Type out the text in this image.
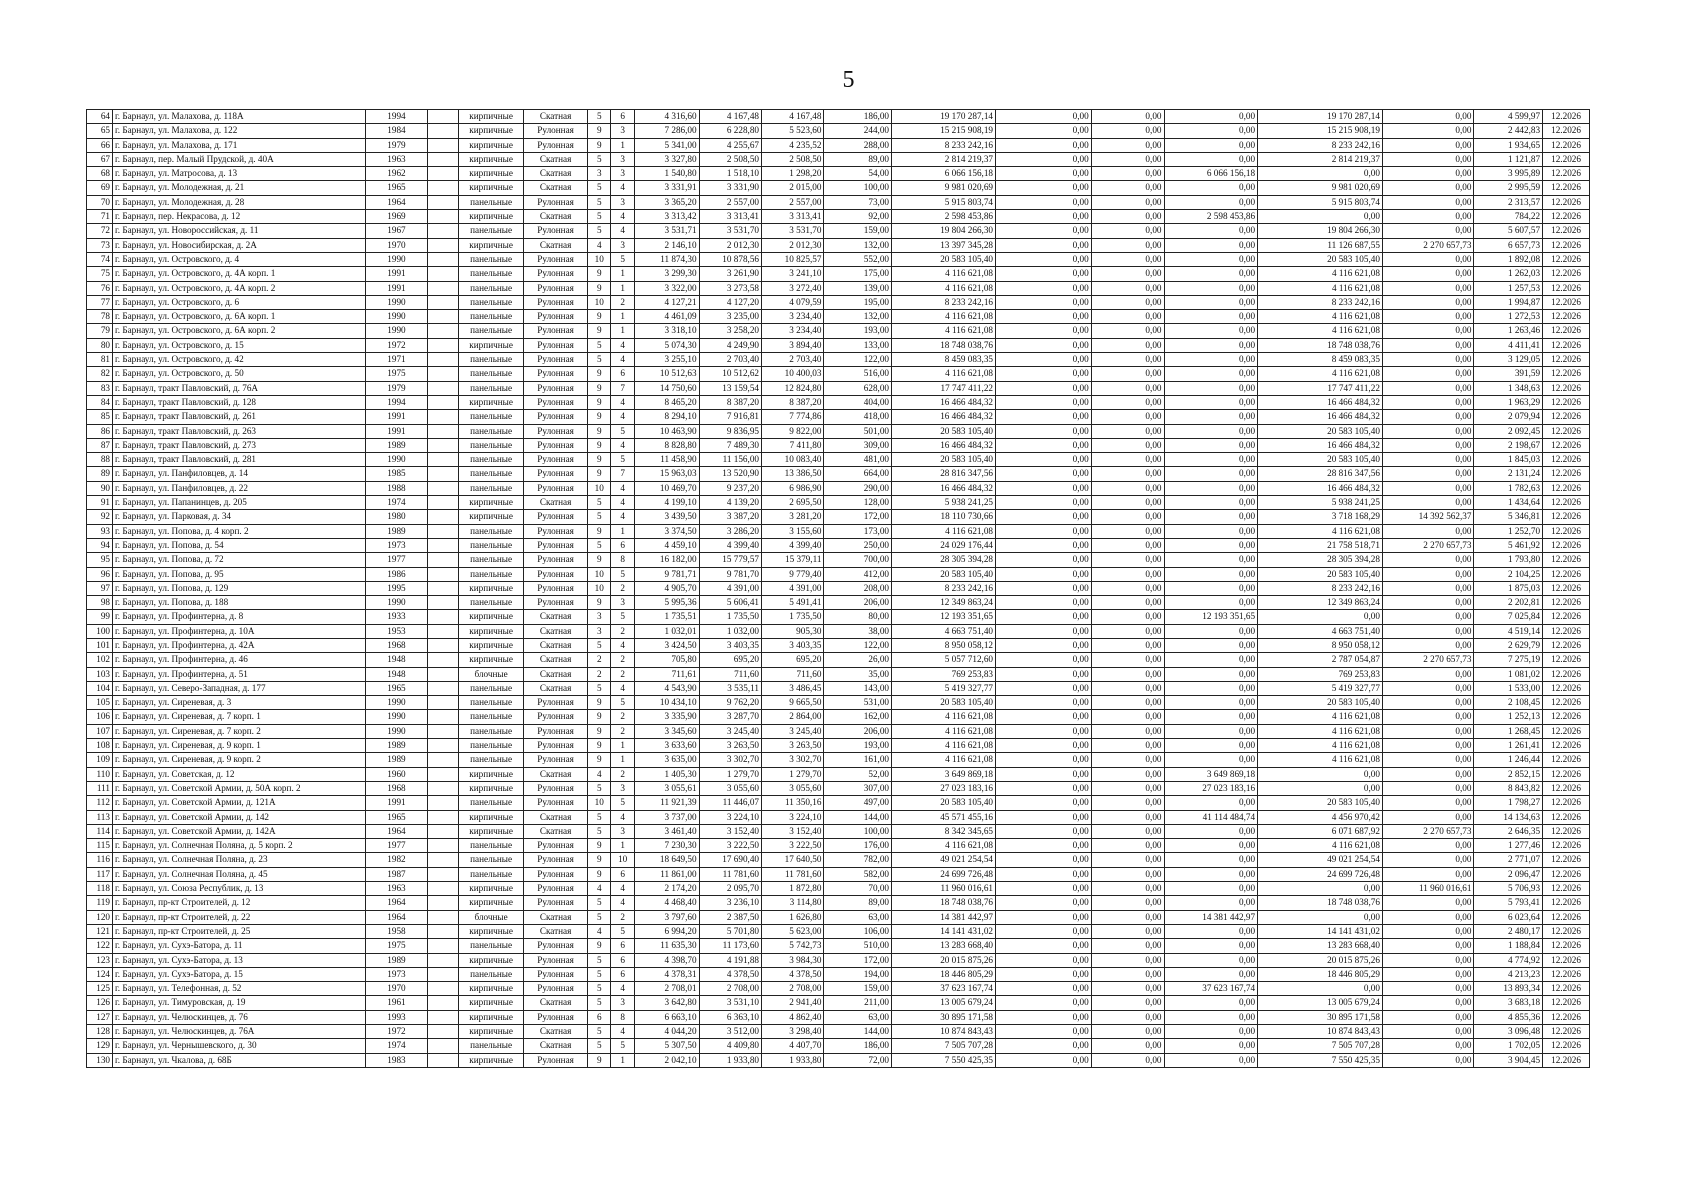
5
64	г. Барнаул, ул. Малахова, д. 118А	1994		кирпичные	Скатная	5	6	4 316,60	4 167,48	4 167,48	186,00	19 170 287,14	0,00	0,00	0,00	19 170 287,14	0,00	4 599,97	12.2026
65	г. Барнаул, ул. Малахова, д. 122	1984		кирпичные	Рулонная	9	3	7 286,00	6 228,80	5 523,60	244,00	15 215 908,19	0,00	0,00	0,00	15 215 908,19	0,00	2 442,83	12.2026
66	г. Барнаул, ул. Малахова, д. 171	1979		кирпичные	Рулонная	9	1	5 341,00	4 255,67	4 235,52	288,00	8 233 242,16	0,00	0,00	0,00	8 233 242,16	0,00	1 934,65	12.2026
67	г. Барнаул, пер. Малый Прудской, д. 40А	1963		кирпичные	Скатная	5	3	3 327,80	2 508,50	2 508,50	89,00	2 814 219,37	0,00	0,00	0,00	2 814 219,37	0,00	1 121,87	12.2026
68	г. Барнаул, ул. Матросова, д. 13	1962		кирпичные	Скатная	3	3	1 540,80	1 518,10	1 298,20	54,00	6 066 156,18	0,00	0,00	6 066 156,18	0,00	0,00	3 995,89	12.2026
69	г. Барнаул, ул. Молодежная, д. 21	1965		кирпичные	Скатная	5	4	3 331,91	3 331,90	2 015,00	100,00	9 981 020,69	0,00	0,00	0,00	9 981 020,69	0,00	2 995,59	12.2026
70	г. Барнаул, ул. Молодежная, д. 28	1964		панельные	Рулонная	5	3	3 365,20	2 557,00	2 557,00	73,00	5 915 803,74	0,00	0,00	0,00	5 915 803,74	0,00	2 313,57	12.2026
71	г. Барнаул, пер. Некрасова, д. 12	1969		кирпичные	Скатная	5	4	3 313,42	3 313,41	3 313,41	92,00	2 598 453,86	0,00	0,00	2 598 453,86	0,00	0,00	784,22	12.2026
72	г. Барнаул, ул. Новороссийская, д. 11	1967		панельные	Рулонная	5	4	3 531,71	3 531,70	3 531,70	159,00	19 804 266,30	0,00	0,00	0,00	19 804 266,30	0,00	5 607,57	12.2026
73	г. Барнаул, ул. Новосибирская, д. 2А	1970		кирпичные	Скатная	4	3	2 146,10	2 012,30	2 012,30	132,00	13 397 345,28	0,00	0,00	0,00	11 126 687,55	2 270 657,73	6 657,73	12.2026
74	г. Барнаул, ул. Островского, д. 4	1990		панельные	Рулонная	10	5	11 874,30	10 878,56	10 825,57	552,00	20 583 105,40	0,00	0,00	0,00	20 583 105,40	0,00	1 892,08	12.2026
75	г. Барнаул, ул. Островского, д. 4А корп. 1	1991		панельные	Рулонная	9	1	3 299,30	3 261,90	3 241,10	175,00	4 116 621,08	0,00	0,00	0,00	4 116 621,08	0,00	1 262,03	12.2026
76	г. Барнаул, ул. Островского, д. 4А корп. 2	1991		панельные	Рулонная	9	1	3 322,00	3 273,58	3 272,40	139,00	4 116 621,08	0,00	0,00	0,00	4 116 621,08	0,00	1 257,53	12.2026
77	г. Барнаул, ул. Островского, д. 6	1990		панельные	Рулонная	10	2	4 127,21	4 127,20	4 079,59	195,00	8 233 242,16	0,00	0,00	0,00	8 233 242,16	0,00	1 994,87	12.2026
78	г. Барнаул, ул. Островского, д. 6А корп. 1	1990		панельные	Рулонная	9	1	4 461,09	3 235,00	3 234,40	132,00	4 116 621,08	0,00	0,00	0,00	4 116 621,08	0,00	1 272,53	12.2026
79	г. Барнаул, ул. Островского, д. 6А корп. 2	1990		панельные	Рулонная	9	1	3 318,10	3 258,20	3 234,40	193,00	4 116 621,08	0,00	0,00	0,00	4 116 621,08	0,00	1 263,46	12.2026
80	г. Барнаул, ул. Островского, д. 15	1972		кирпичные	Рулонная	5	4	5 074,30	4 249,90	3 894,40	133,00	18 748 038,76	0,00	0,00	0,00	18 748 038,76	0,00	4 411,41	12.2026
81	г. Барнаул, ул. Островского, д. 42	1971		панельные	Рулонная	5	4	3 255,10	2 703,40	2 703,40	122,00	8 459 083,35	0,00	0,00	0,00	8 459 083,35	0,00	3 129,05	12.2026
82	г. Барнаул, ул. Островского, д. 50	1975		панельные	Рулонная	9	6	10 512,63	10 512,62	10 400,03	516,00	4 116 621,08	0,00	0,00	0,00	4 116 621,08	0,00	391,59	12.2026
83	г. Барнаул, тракт Павловский, д. 76А	1979		панельные	Рулонная	9	7	14 750,60	13 159,54	12 824,80	628,00	17 747 411,22	0,00	0,00	0,00	17 747 411,22	0,00	1 348,63	12.2026
84	г. Барнаул, тракт Павловский, д. 128	1994		кирпичные	Рулонная	9	4	8 465,20	8 387,20	8 387,20	404,00	16 466 484,32	0,00	0,00	0,00	16 466 484,32	0,00	1 963,29	12.2026
85	г. Барнаул, тракт Павловский, д. 261	1991		панельные	Рулонная	9	4	8 294,10	7 916,81	7 774,86	418,00	16 466 484,32	0,00	0,00	0,00	16 466 484,32	0,00	2 079,94	12.2026
86	г. Барнаул, тракт Павловский, д. 263	1991		панельные	Рулонная	9	5	10 463,90	9 836,95	9 822,00	501,00	20 583 105,40	0,00	0,00	0,00	20 583 105,40	0,00	2 092,45	12.2026
87	г. Барнаул, тракт Павловский, д. 273	1989		панельные	Рулонная	9	4	8 828,80	7 489,30	7 411,80	309,00	16 466 484,32	0,00	0,00	0,00	16 466 484,32	0,00	2 198,67	12.2026
88	г. Барнаул, тракт Павловский, д. 281	1990		панельные	Рулонная	9	5	11 458,90	11 156,00	10 083,40	481,00	20 583 105,40	0,00	0,00	0,00	20 583 105,40	0,00	1 845,03	12.2026
89	г. Барнаул, ул. Панфиловцев, д. 14	1985		панельные	Рулонная	9	7	15 963,03	13 520,90	13 386,50	664,00	28 816 347,56	0,00	0,00	0,00	28 816 347,56	0,00	2 131,24	12.2026
90	г. Барнаул, ул. Панфиловцев, д. 22	1988		панельные	Рулонная	10	4	10 469,70	9 237,20	6 986,90	290,00	16 466 484,32	0,00	0,00	0,00	16 466 484,32	0,00	1 782,63	12.2026
91	г. Барнаул, ул. Папанинцев, д. 205	1974		кирпичные	Скатная	5	4	4 199,10	4 139,20	2 695,50	128,00	5 938 241,25	0,00	0,00	0,00	5 938 241,25	0,00	1 434,64	12.2026
92	г. Барнаул, ул. Парковая, д. 34	1980		кирпичные	Рулонная	5	4	3 439,50	3 387,20	3 281,20	172,00	18 110 730,66	0,00	0,00	0,00	3 718 168,29	14 392 562,37	5 346,81	12.2026
93	г. Барнаул, ул. Попова, д. 4 корп. 2	1989		панельные	Рулонная	9	1	3 374,50	3 286,20	3 155,60	173,00	4 116 621,08	0,00	0,00	0,00	4 116 621,08	0,00	1 252,70	12.2026
94	г. Барнаул, ул. Попова, д. 54	1973		панельные	Рулонная	5	6	4 459,10	4 399,40	4 399,40	250,00	24 029 176,44	0,00	0,00	0,00	21 758 518,71	2 270 657,73	5 461,92	12.2026
95	г. Барнаул, ул. Попова, д. 72	1977		панельные	Рулонная	9	8	16 182,00	15 779,57	15 379,11	700,00	28 305 394,28	0,00	0,00	0,00	28 305 394,28	0,00	1 793,80	12.2026
96	г. Барнаул, ул. Попова, д. 95	1986		панельные	Рулонная	10	5	9 781,71	9 781,70	9 779,40	412,00	20 583 105,40	0,00	0,00	0,00	20 583 105,40	0,00	2 104,25	12.2026
97	г. Барнаул, ул. Попова, д. 129	1995		кирпичные	Рулонная	10	2	4 905,70	4 391,00	4 391,00	208,00	8 233 242,16	0,00	0,00	0,00	8 233 242,16	0,00	1 875,03	12.2026
98	г. Барнаул, ул. Попова, д. 188	1990		панельные	Рулонная	9	3	5 995,36	5 606,41	5 491,41	206,00	12 349 863,24	0,00	0,00	0,00	12 349 863,24	0,00	2 202,81	12.2026
99	г. Барнаул, ул. Профинтерна, д. 8	1933		кирпичные	Скатная	3	5	1 735,51	1 735,50	1 735,50	80,00	12 193 351,65	0,00	0,00	12 193 351,65	0,00	0,00	7 025,84	12.2026
100	г. Барнаул, ул. Профинтерна, д. 10А	1953		кирпичные	Скатная	3	2	1 032,01	1 032,00	905,30	38,00	4 663 751,40	0,00	0,00	0,00	4 663 751,40	0,00	4 519,14	12.2026
101	г. Барнаул, ул. Профинтерна, д. 42А	1968		кирпичные	Скатная	5	4	3 424,50	3 403,35	3 403,35	122,00	8 950 058,12	0,00	0,00	0,00	8 950 058,12	0,00	2 629,79	12.2026
102	г. Барнаул, ул. Профинтерна, д. 46	1948		кирпичные	Скатная	2	2	705,80	695,20	695,20	26,00	5 057 712,60	0,00	0,00	0,00	2 787 054,87	2 270 657,73	7 275,19	12.2026
103	г. Барнаул, ул. Профинтерна, д. 51	1948		блочные	Скатная	2	2	711,61	711,60	711,60	35,00	769 253,83	0,00	0,00	0,00	769 253,83	0,00	1 081,02	12.2026
104	г. Барнаул, ул. Северо-Западная, д. 177	1965		панельные	Скатная	5	4	4 543,90	3 535,11	3 486,45	143,00	5 419 327,77	0,00	0,00	0,00	5 419 327,77	0,00	1 533,00	12.2026
105	г. Барнаул, ул. Сиреневая, д. 3	1990		панельные	Рулонная	9	5	10 434,10	9 762,20	9 665,50	531,00	20 583 105,40	0,00	0,00	0,00	20 583 105,40	0,00	2 108,45	12.2026
106	г. Барнаул, ул. Сиреневая, д. 7 корп. 1	1990		панельные	Рулонная	9	2	3 335,90	3 287,70	2 864,00	162,00	4 116 621,08	0,00	0,00	0,00	4 116 621,08	0,00	1 252,13	12.2026
107	г. Барнаул, ул. Сиреневая, д. 7 корп. 2	1990		панельные	Рулонная	9	2	3 345,60	3 245,40	3 245,40	206,00	4 116 621,08	0,00	0,00	0,00	4 116 621,08	0,00	1 268,45	12.2026
108	г. Барнаул, ул. Сиреневая, д. 9 корп. 1	1989		панельные	Рулонная	9	1	3 633,60	3 263,50	3 263,50	193,00	4 116 621,08	0,00	0,00	0,00	4 116 621,08	0,00	1 261,41	12.2026
109	г. Барнаул, ул. Сиреневая, д. 9 корп. 2	1989		панельные	Рулонная	9	1	3 635,00	3 302,70	3 302,70	161,00	4 116 621,08	0,00	0,00	0,00	4 116 621,08	0,00	1 246,44	12.2026
110	г. Барнаул, ул. Советская, д. 12	1960		кирпичные	Скатная	4	2	1 405,30	1 279,70	1 279,70	52,00	3 649 869,18	0,00	0,00	3 649 869,18	0,00	0,00	2 852,15	12.2026
111	г. Барнаул, ул. Советской Армии, д. 50А корп. 2	1968		кирпичные	Рулонная	5	3	3 055,61	3 055,60	3 055,60	307,00	27 023 183,16	0,00	0,00	27 023 183,16	0,00	0,00	8 843,82	12.2026
112	г. Барнаул, ул. Советской Армии, д. 121А	1991		панельные	Рулонная	10	5	11 921,39	11 446,07	11 350,16	497,00	20 583 105,40	0,00	0,00	0,00	20 583 105,40	0,00	1 798,27	12.2026
113	г. Барнаул, ул. Советской Армии, д. 142	1965		кирпичные	Скатная	5	4	3 737,00	3 224,10	3 224,10	144,00	45 571 455,16	0,00	0,00	41 114 484,74	4 456 970,42	0,00	14 134,63	12.2026
114	г. Барнаул, ул. Советской Армии, д. 142А	1964		кирпичные	Скатная	5	3	3 461,40	3 152,40	3 152,40	100,00	8 342 345,65	0,00	0,00	0,00	6 071 687,92	2 270 657,73	2 646,35	12.2026
115	г. Барнаул, ул. Солнечная Поляна, д. 5 корп. 2	1977		панельные	Рулонная	9	1	7 230,30	3 222,50	3 222,50	176,00	4 116 621,08	0,00	0,00	0,00	4 116 621,08	0,00	1 277,46	12.2026
116	г. Барнаул, ул. Солнечная Поляна, д. 23	1982		панельные	Рулонная	9	10	18 649,50	17 690,40	17 640,50	782,00	49 021 254,54	0,00	0,00	0,00	49 021 254,54	0,00	2 771,07	12.2026
117	г. Барнаул, ул. Солнечная Поляна, д. 45	1987		панельные	Рулонная	9	6	11 861,00	11 781,60	11 781,60	582,00	24 699 726,48	0,00	0,00	0,00	24 699 726,48	0,00	2 096,47	12.2026
118	г. Барнаул, ул. Союза Республик, д. 13	1963		кирпичные	Рулонная	4	4	2 174,20	2 095,70	1 872,80	70,00	11 960 016,61	0,00	0,00	0,00	0,00	11 960 016,61	5 706,93	12.2026
119	г. Барнаул, пр-кт Строителей, д. 12	1964		кирпичные	Рулонная	5	4	4 468,40	3 236,10	3 114,80	89,00	18 748 038,76	0,00	0,00	0,00	18 748 038,76	0,00	5 793,41	12.2026
120	г. Барнаул, пр-кт Строителей, д. 22	1964		блочные	Скатная	5	2	3 797,60	2 387,50	1 626,80	63,00	14 381 442,97	0,00	0,00	14 381 442,97	0,00	0,00	6 023,64	12.2026
121	г. Барнаул, пр-кт Строителей, д. 25	1958		кирпичные	Скатная	4	5	6 994,20	5 701,80	5 623,00	106,00	14 141 431,02	0,00	0,00	0,00	14 141 431,02	0,00	2 480,17	12.2026
122	г. Барнаул, ул. Сухэ-Батора, д. 11	1975		панельные	Рулонная	9	6	11 635,30	11 173,60	5 742,73	510,00	13 283 668,40	0,00	0,00	0,00	13 283 668,40	0,00	1 188,84	12.2026
123	г. Барнаул, ул. Сухэ-Батора, д. 13	1989		кирпичные	Рулонная	5	6	4 398,70	4 191,88	3 984,30	172,00	20 015 875,26	0,00	0,00	0,00	20 015 875,26	0,00	4 774,92	12.2026
124	г. Барнаул, ул. Сухэ-Батора, д. 15	1973		панельные	Рулонная	5	6	4 378,31	4 378,50	4 378,50	194,00	18 446 805,29	0,00	0,00	0,00	18 446 805,29	0,00	4 213,23	12.2026
125	г. Барнаул, ул. Телефонная, д. 52	1970		кирпичные	Рулонная	5	4	2 708,01	2 708,00	2 708,00	159,00	37 623 167,74	0,00	0,00	37 623 167,74	0,00	0,00	13 893,34	12.2026
126	г. Барнаул, ул. Тимуровская, д. 19	1961		кирпичные	Скатная	5	3	3 642,80	3 531,10	2 941,40	211,00	13 005 679,24	0,00	0,00	0,00	13 005 679,24	0,00	3 683,18	12.2026
127	г. Барнаул, ул. Челюскинцев, д. 76	1993		кирпичные	Рулонная	6	8	6 663,10	6 363,10	4 862,40	63,00	30 895 171,58	0,00	0,00	0,00	30 895 171,58	0,00	4 855,36	12.2026
128	г. Барнаул, ул. Челюскинцев, д. 76А	1972		кирпичные	Скатная	5	4	4 044,20	3 512,00	3 298,40	144,00	10 874 843,43	0,00	0,00	0,00	10 874 843,43	0,00	3 096,48	12.2026
129	г. Барнаул, ул. Чернышевского, д. 30	1974		панельные	Скатная	5	5	5 307,50	4 409,80	4 407,70	186,00	7 505 707,28	0,00	0,00	0,00	7 505 707,28	0,00	1 702,05	12.2026
130	г. Барнаул, ул. Чкалова, д. 68Б	1983		кирпичные	Рулонная	9	1	2 042,10	1 933,80	1 933,80	72,00	7 550 425,35	0,00	0,00	0,00	7 550 425,35	0,00	3 904,45	12.2026
